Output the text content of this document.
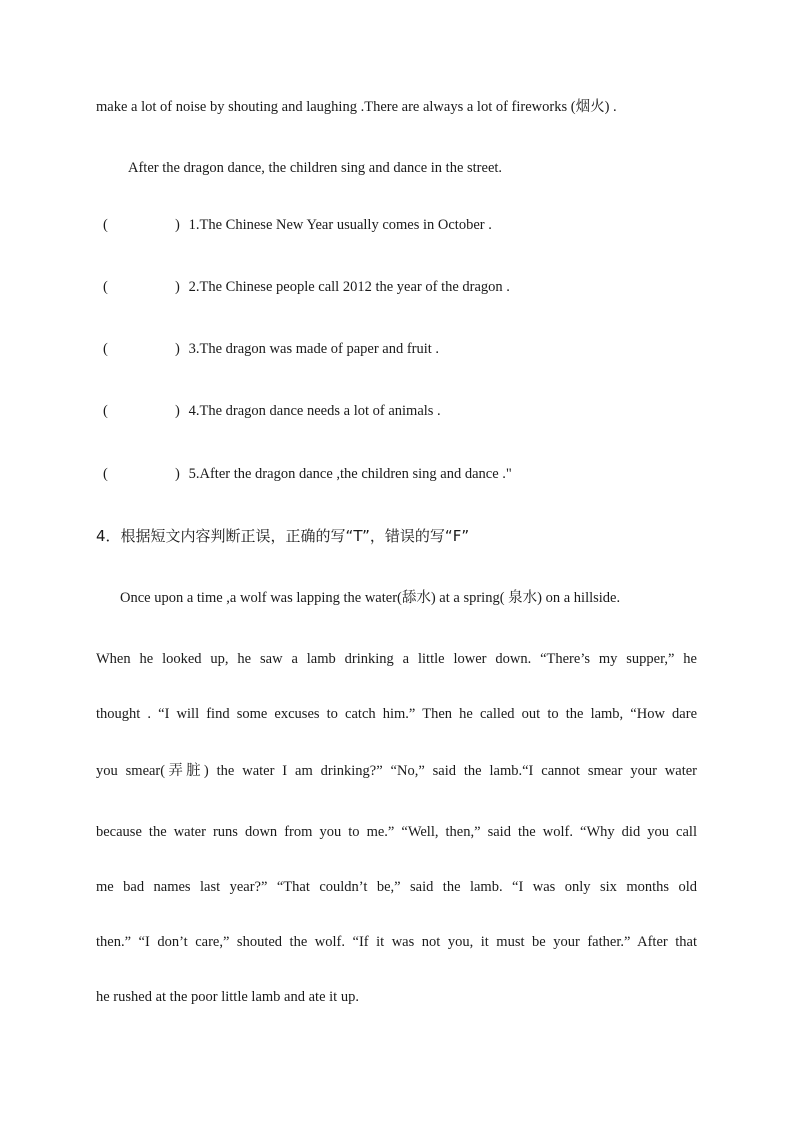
make a lot of noise by shouting and laughing .There are always a lot of fireworks (烟火) .
After the dragon dance, the children sing and dance in the street.
(	) 1.The Chinese New Year usually comes in October .
(	) 2.The Chinese people call 2012 the year of the dragon .
(	) 3.The dragon was made of paper and fruit .
(	) 4.The dragon dance needs a lot of animals .
(	) 5.After the dragon dance ,the children sing and dance ."
4．根据短文内容判断正误，正确的写“T”，错误的写“F”
Once upon a time ,a wolf was lapping the water(舔水) at a spring( 泉水) on a hillside.
When he looked up, he saw a lamb drinking a little lower down. “There’s my supper,” he
thought . “I will find some excuses to catch him.” Then he called out to the lamb, “How dare
you smear(弄脏) the water I am drinking?” “No,” said the lamb.“I cannot smear your water
because the water runs down from you to me.” “Well, then,” said the wolf. “Why did you call
me bad names last year?” “That couldn’t be,” said the lamb. “I was only six months old
then.” “I don’t care,” shouted the wolf. “If it was not you, it must be your father.” After that
he rushed at the poor little lamb and ate it up.
